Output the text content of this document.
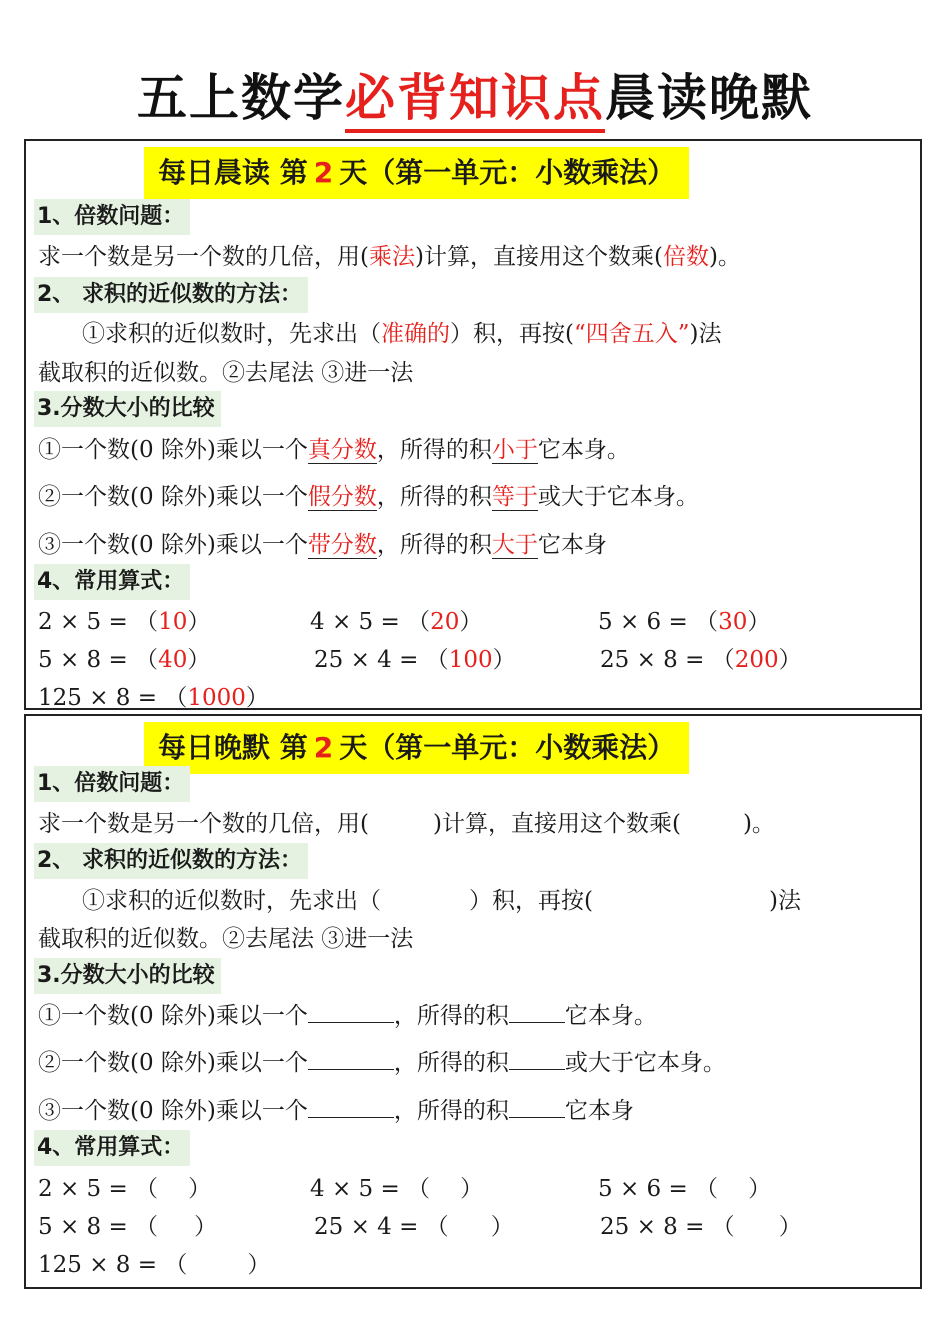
五上数学必背知识点晨读晚默
每日晨读 第 2 天（第一单元：小数乘法）
1、倍数问题：
求一个数是另一个数的几倍，用(乘法)计算，直接用这个数乘(倍数)。
2、 求积的近似数的方法：
①求积的近似数时，先求出（准确的）积，再按(“四舍五入”)法
截取积的近似数。②去尾法 ③进一法
3.分数大小的比较
①一个数(0 除外)乘以一个真分数，所得的积小于它本身。
②一个数(0 除外)乘以一个假分数，所得的积等于或大于它本身。
③一个数(0 除外)乘以一个带分数，所得的积大于它本身
4、常用算式：
2 × 5 = （10）	4 × 5 = （20）	5 × 6 = （30）
5 × 8 = （40）	25 × 4 = （100）	25 × 8 = （200）
125 × 8 = （1000）
每日晚默 第 2 天（第一单元：小数乘法）
1、倍数问题：
求一个数是另一个数的几倍，用(	)计算，直接用这个数乘(	)。
2、 求积的近似数的方法：
①求积的近似数时，先求出（	）积，再按(	)法
截取积的近似数。②去尾法 ③进一法
3.分数大小的比较
①一个数(0 除外)乘以一个	，所得的积 它本身。
②一个数(0 除外)乘以一个	，所得的积 或大于它本身。
③一个数(0 除外)乘以一个	，所得的积 它本身
4、常用算式：
2 × 5 = （ ）	4 × 5 = （ ）	5 × 6 = （ ）
5 × 8 = （ ）	25 × 4 = （ ）	25 × 8 = （ ）
125 × 8 = （	）
